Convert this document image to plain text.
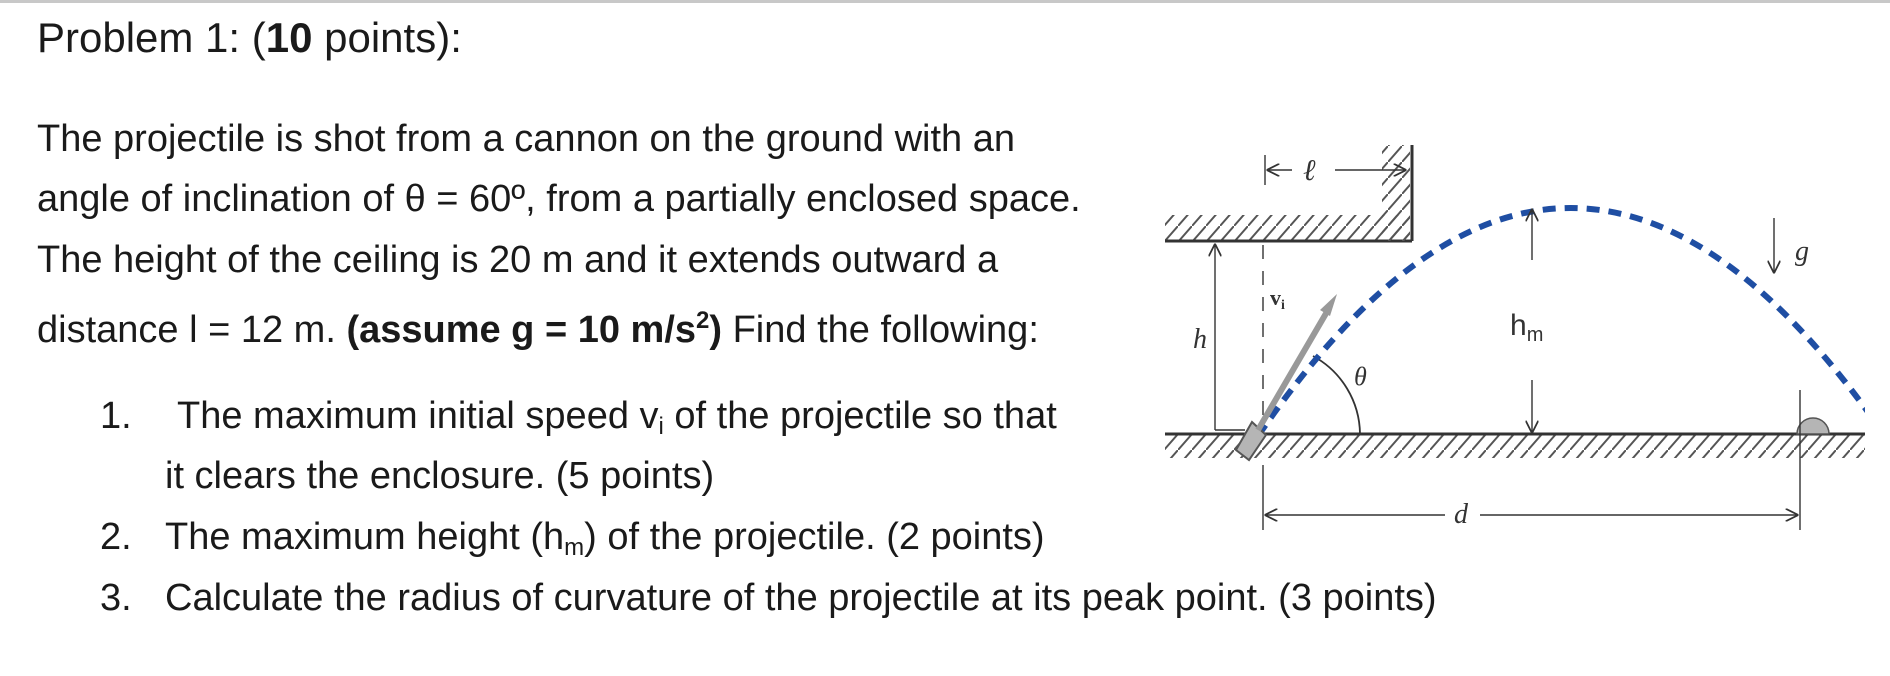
Problem 1: (10 points):
The projectile is shot from a cannon on the ground with an
angle of inclination of θ = 60º, from a partially enclosed space.
The height of the ceiling is 20 m and it extends outward a
distance l = 12 m. (assume g = 10 $m/s^2$) Find the following:
1. The maximum initial speed $v_i$ of the projectile so that
it clears the enclosure. (5 points)
2. The maximum height $(h_m)$ of the projectile. (2 points)
3. Calculate the radius of curvature of the projectile at its peak point. (3 points)
ℓ
h
θ
vi
$h_m$
g
d
